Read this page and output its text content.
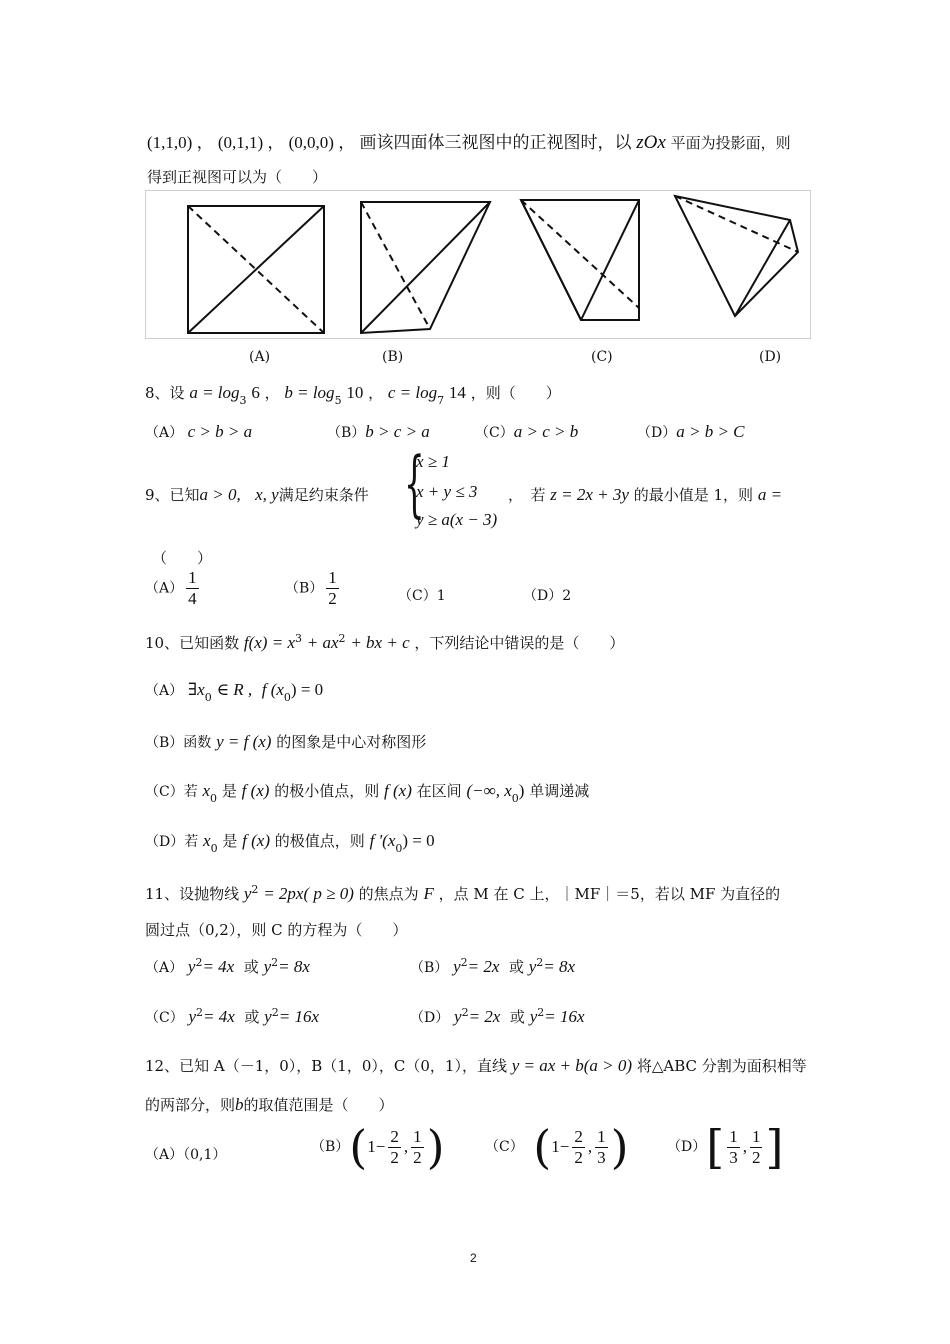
(1,1,0) ， (0,1,1) ， (0,0,0) ， 画该四面体三视图中的正视图时，以 zOx 平面为投影面，则
得到正视图可以为（　　）
(A)	(B)	(C)	(D)
8、设 $a = \log_3 6$ ， $b = \log_5 10$ ， $c = \log_7 14$ ，则（　　）
（A） c > b > a	（B）b > c > a	（C）a > c > b	（D）a > b > C
9、已知a > 0, x, y满足约束条件 {
x ≥ 1
x + y ≤ 3
y ≥ a(x − 3)
，　若 z = 2x + 3y 的最小值是 1，则 a =
（　　）
$(A) \frac{1}{4}$	$(B) \frac{1}{2}$	（C）1	（D）2
10、已知函数 $f(x) = x^3 + ax^2$ + bx + c ，下列结论中错误的是（　　）
（A） $\exists x_0$ ∈ R , f $(x_0) = 0$
（B）函数 y = f (x) 的图象是中心对称图形
（C）若 $x_0$ 是 f (x) 的极小值点，则 f (x) 在区间 (−∞, $x_0$) 单调递减
（D）若 $x_0$ 是 f (x) 的极值点，则 f '$(x_0) = 0$
11、设抛物线 $y^2 = 2px$( p ≥ 0) 的焦点为 F ，点 M 在 C 上，｜MF｜＝5，若以 MF 为直径的
圆过点（0,2），则 C 的方程为（　　）
（A） $y^2= 4x$ 或 $y^2= 8x$	（B） $y^2= 2x$ 或 $y^2= 8x$
（C） $y^2= 4x$ 或 $y^2= 16x$	（D） $y^2= 2x$ 或 $y^2= 16x$
12、已知 A（－1，0），B（1，0），C（0，1），直线 y = ax + b(a > 0) 将△ABC 分割为面积相等
的两部分，则b的取值范围是（　　）
（A）（0,1）	$(B)(1- \frac{2}{2}$ , $\frac{1}{2}$ )	（C） ($1- \frac{2}{2}$ , $\frac{1}{3}$ )	$(D)[ \frac{1}{3}$ , $\frac{1}{2}$ ]
2
